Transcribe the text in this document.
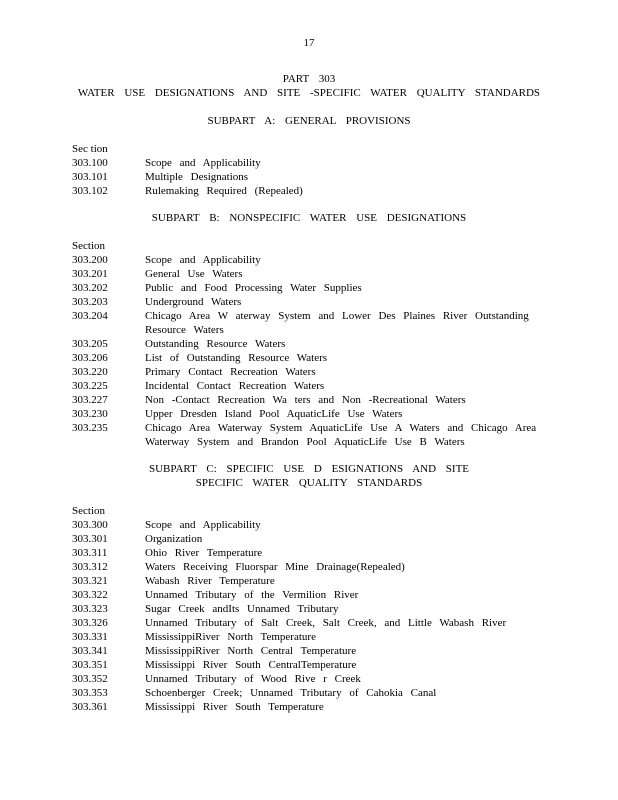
17
PART 303
WATER USE DESIGNATIONS AND SITE -SPECIFIC WATER QUALITY STANDARDS
SUBPART A: GENERAL PROVISIONS
Sec tion
303.100	Scope and Applicability
303.101	Multiple Designations
303.102	Rulemaking Required (Repealed)
SUBPART B: NONSPECIFIC WATER USE DESIGNATIONS
Section
303.200	Scope and Applicability
303.201	General Use Waters
303.202	Public and Food Processing Water Supplies
303.203	Underground Waters
303.204	Chicago Area W aterway System and Lower Des Plaines River Outstanding
Resource Waters
303.205	Outstanding Resource Waters
303.206	List of Outstanding Resource Waters
303.220	Primary Contact Recreation Waters
303.225	Incidental Contact Recreation Waters
303.227	Non -Contact Recreation Wa ters and Non -Recreational Waters
303.230	Upper Dresden Island Pool AquaticLife Use Waters
303.235	Chicago Area Waterway System AquaticLife Use A Waters and Chicago Area
Waterway System and Brandon Pool AquaticLife Use B Waters
SUBPART C: SPECIFIC USE D ESIGNATIONS AND SITE
SPECIFIC WATER QUALITY STANDARDS
Section
303.300	Scope and Applicability
303.301	Organization
303.311	Ohio River Temperature
303.312	Waters Receiving Fluorspar Mine Drainage(Repealed)
303.321	Wabash River Temperature
303.322	Unnamed Tributary of the Vermilion River
303.323	Sugar Creek andIts Unnamed Tributary
303.326	Unnamed Tributary of Salt Creek, Salt Creek, and Little Wabash River
303.331	MississippiRiver North Temperature
303.341	MississippiRiver North Central Temperature
303.351	Mississippi River South CentralTemperature
303.352	Unnamed Tributary of Wood Rive r Creek
303.353	Schoenberger Creek; Unnamed Tributary of Cahokia Canal
303.361	Mississippi River South Temperature
